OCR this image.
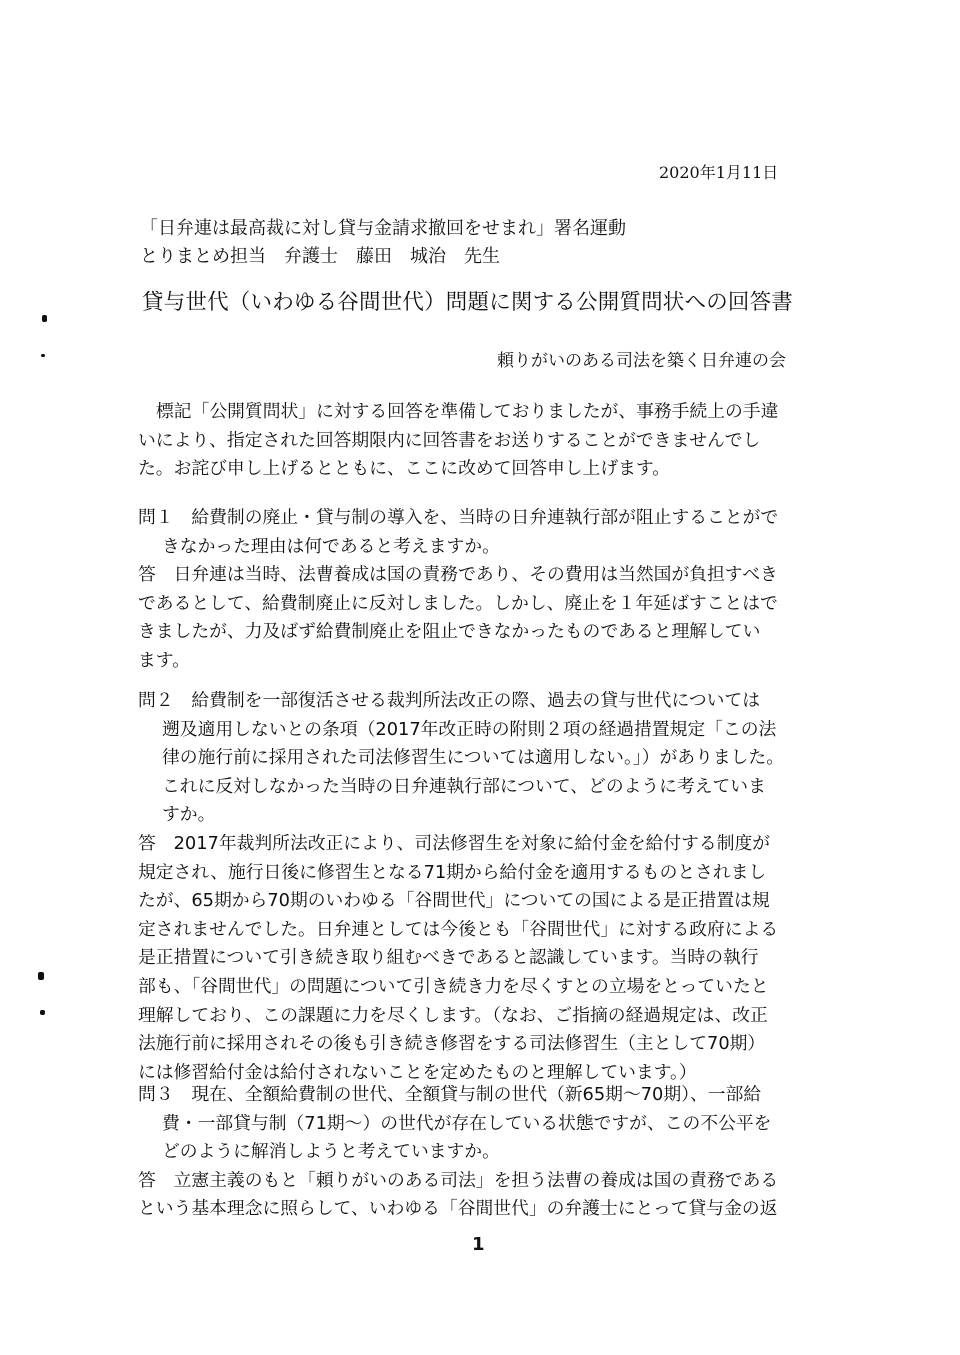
2020年1月11日
「日弁連は最高裁に対し貸与金請求撤回をせまれ」署名運動
とりまとめ担当　弁護士　藤田　城治　先生
貸与世代（いわゆる谷間世代）問題に関する公開質問状への回答書
頼りがいのある司法を築く日弁連の会

標記「公開質問状」に対する回答を準備しておりましたが、事務手続上の手違

いにより、指定された回答期限内に回答書をお送りすることができませんでし

た。お詫び申し上げるとともに、ここに改めて回答申し上げます。

問１　給費制の廃止・貸与制の導入を、当時の日弁連執行部が阻止することがで

きなかった理由は何であると考えますか。

答　日弁連は当時、法曹養成は国の責務であり、その費用は当然国が負担すべき

であるとして、給費制廃止に反対しました。しかし、廃止を１年延ばすことはで

きましたが、力及ばず給費制廃止を阻止できなかったものであると理解してい

ます。

問２　給費制を一部復活させる裁判所法改正の際、過去の貸与世代については

遡及適用しないとの条項（2017年改正時の附則２項の経過措置規定「この法

律の施行前に採用された司法修習生については適用しない。」）がありました。

これに反対しなかった当時の日弁連執行部について、どのように考えていま

すか。

答　2017年裁判所法改正により、司法修習生を対象に給付金を給付する制度が

規定され、施行日後に修習生となる71期から給付金を適用するものとされまし

たが、65期から70期のいわゆる「谷間世代」についての国による是正措置は規

定されませんでした。日弁連としては今後とも「谷間世代」に対する政府による

是正措置について引き続き取り組むべきであると認識しています。当時の執行

部も、「谷間世代」の問題について引き続き力を尽くすとの立場をとっていたと

理解しており、この課題に力を尽くします。（なお、ご指摘の経過規定は、改正

法施行前に採用されその後も引き続き修習をする司法修習生（主として70期）

には修習給付金は給付されないことを定めたものと理解しています。）

問３　現在、全額給費制の世代、全額貸与制の世代（新65期〜70期）、一部給

費・一部貸与制（71期〜）の世代が存在している状態ですが、この不公平を

どのように解消しようと考えていますか。

答　立憲主義のもと「頼りがいのある司法」を担う法曹の養成は国の責務である

という基本理念に照らして、いわゆる「谷間世代」の弁護士にとって貸与金の返

1
